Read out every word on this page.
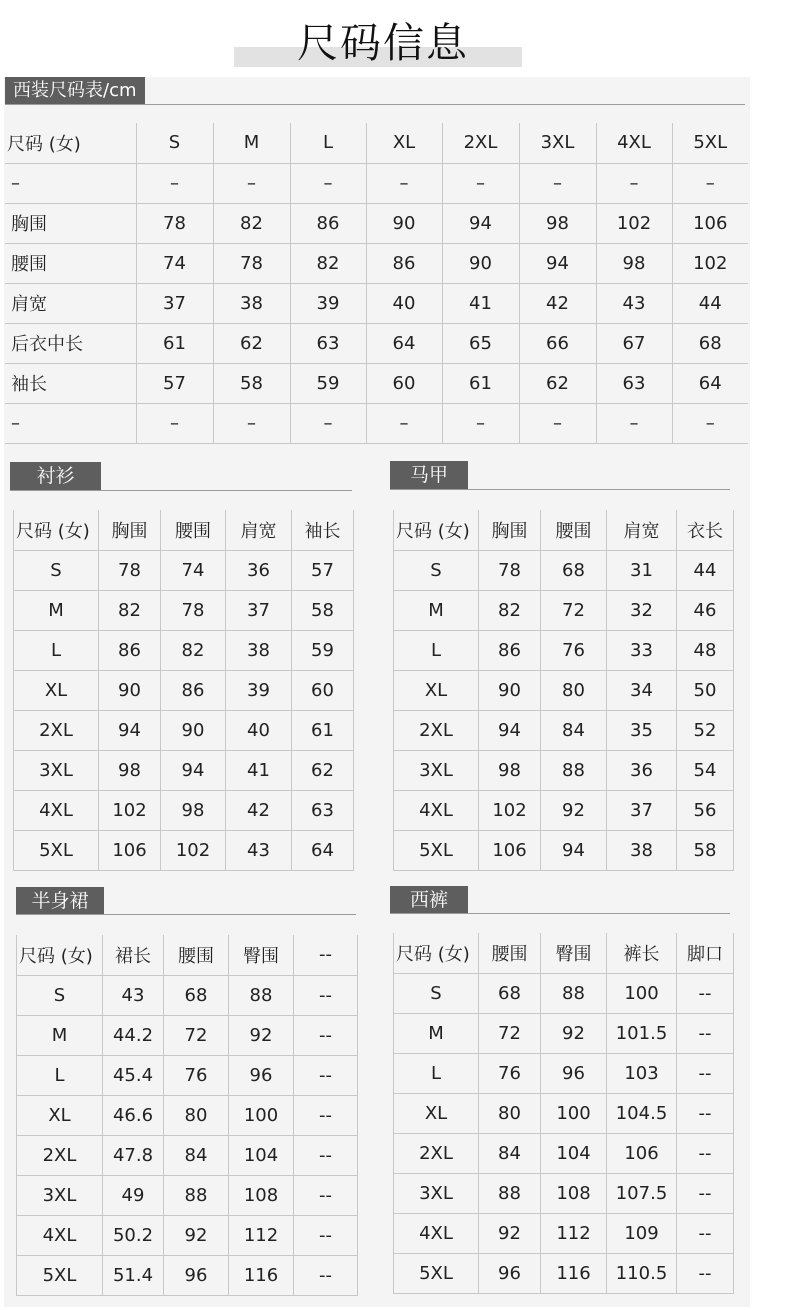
尺码信息
西装尺码表/cm
尺码 (女)	S	M	L	XL	2XL	3XL	4XL	5XL
–	–	–	–	–	–	–	–	–
胸围	78	82	86	90	94	98	102	106
腰围	74	78	82	86	90	94	98	102
肩宽	37	38	39	40	41	42	43	44
后衣中长	61	62	63	64	65	66	67	68
袖长	57	58	59	60	61	62	63	64
–	–	–	–	–	–	–	–	–
衬衫
尺码 (女)	胸围	腰围	肩宽	袖长
S	78	74	36	57
M	82	78	37	58
L	86	82	38	59
XL	90	86	39	60
2XL	94	90	40	61
3XL	98	94	41	62
4XL	102	98	42	63
5XL	106	102	43	64
马甲
尺码 (女)	胸围	腰围	肩宽	衣长
S	78	68	31	44
M	82	72	32	46
L	86	76	33	48
XL	90	80	34	50
2XL	94	84	35	52
3XL	98	88	36	54
4XL	102	92	37	56
5XL	106	94	38	58
半身裙
尺码 (女)	裙长	腰围	臀围	--
S	43	68	88	--
M	44.2	72	92	--
L	45.4	76	96	--
XL	46.6	80	100	--
2XL	47.8	84	104	--
3XL	49	88	108	--
4XL	50.2	92	112	--
5XL	51.4	96	116	--
西裤
尺码 (女)	腰围	臀围	裤长	脚口
S	68	88	100	--
M	72	92	101.5	--
L	76	96	103	--
XL	80	100	104.5	--
2XL	84	104	106	--
3XL	88	108	107.5	--
4XL	92	112	109	--
5XL	96	116	110.5	--
